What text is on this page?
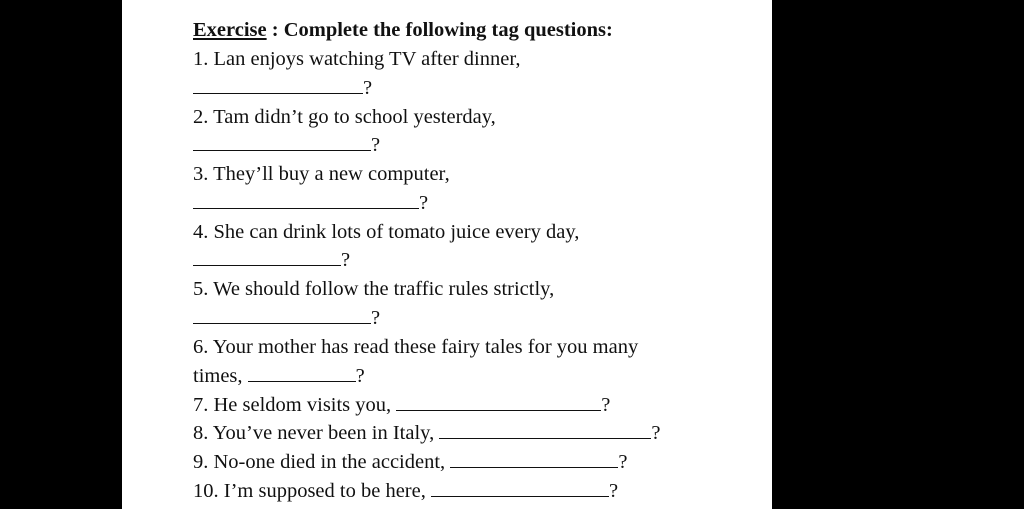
Exercise : Complete the following tag questions:
1. Lan enjoys watching TV after dinner,
?
2. Tam didn’t go to school yesterday,
?
3. They’ll buy a new computer,
?
4. She can drink lots of tomato juice every day,
?
5. We should follow the traffic rules strictly,
?
6. Your mother has read these fairy tales for you many
times,	?
7. He seldom visits you,	?
8. You’ve never been in Italy,	?
9. No-one died in the accident,	?
10. I’m supposed to be here,	?
